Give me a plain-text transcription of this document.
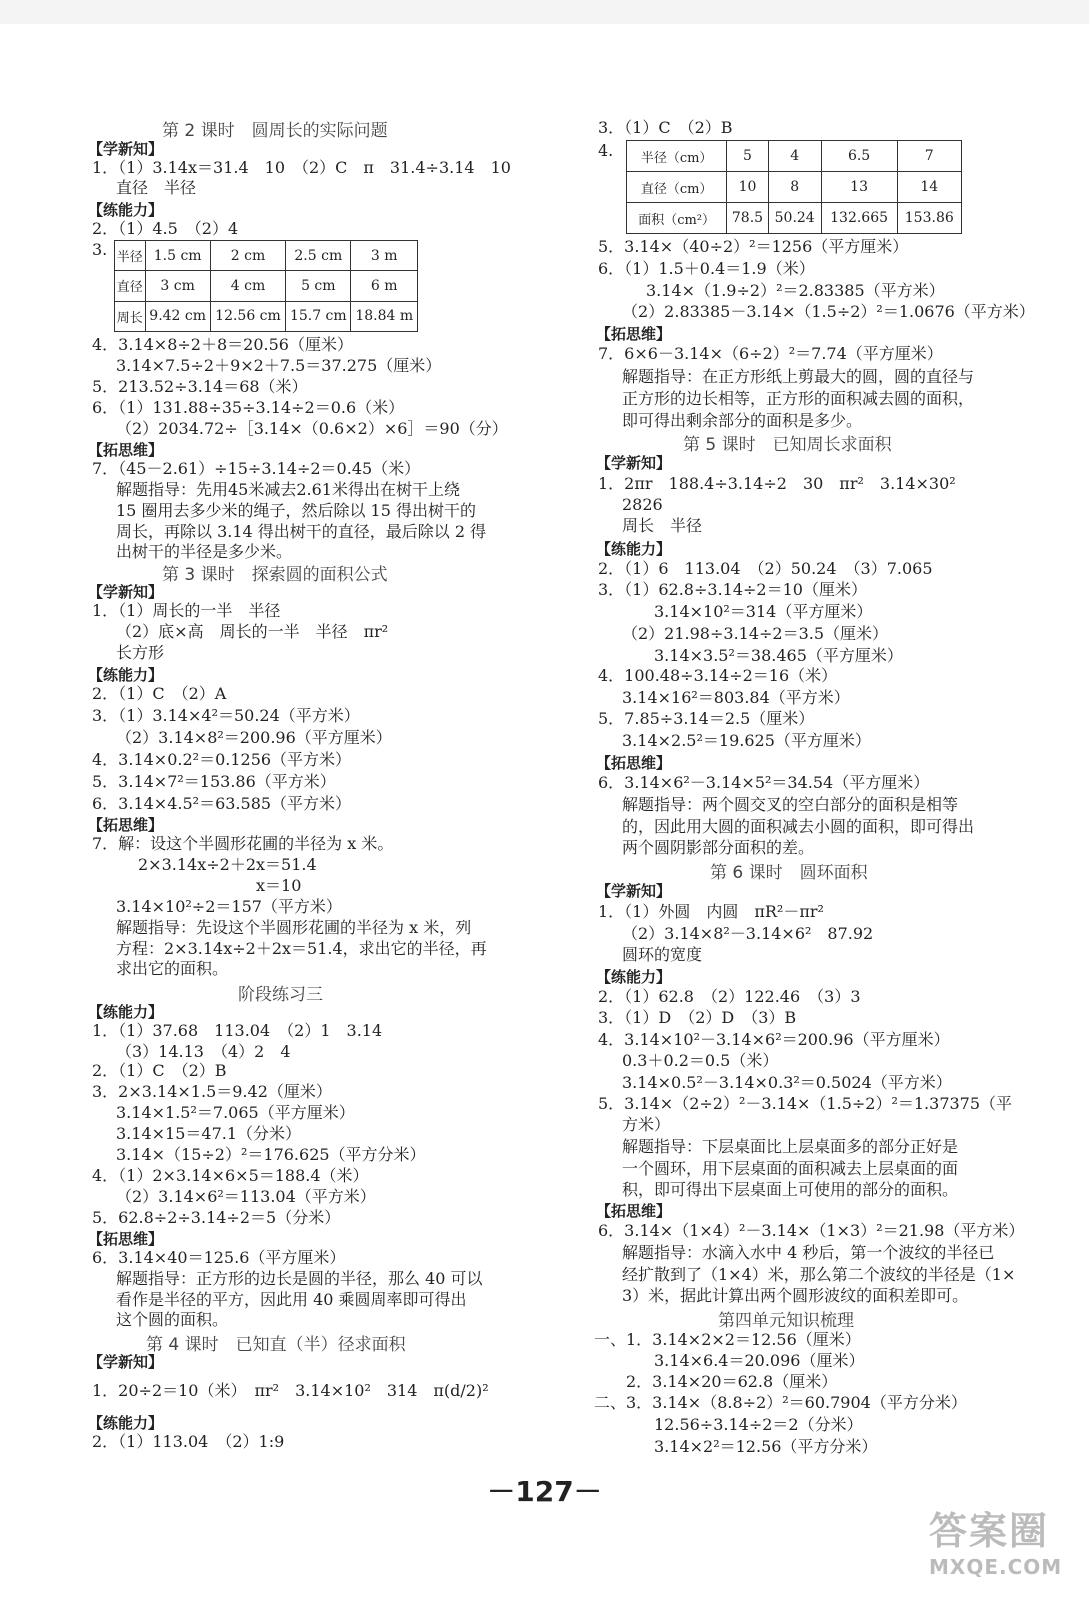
第 2 课时　圆周长的实际问题
【学新知】
1．（1）3.14x＝31.4　10　（2）C　π　31.4÷3.14　10
直径　半径
【练能力】
2．（1）4.5　（2）4
3. 半径	1.5 cm	2 cm	2.5 cm	3 m
直径	3 cm	4 cm	5 cm	6 m
周长	9.42 cm	12.56 cm	15.7 cm	18.84 m
4．3.14×8÷2＋8＝20.56（厘米）
3.14×7.5÷2＋9×2＋7.5＝37.275（厘米）
5．213.52÷3.14＝68（米）
6．（1）131.88÷35÷3.14÷2＝0.6（米）
（2）2034.72÷［3.14×（0.6×2）×6］＝90（分）
【拓思维】
7．（45－2.61）÷15÷3.14÷2＝0.45（米）
解题指导：先用45米减去2.61米得出在树干上绕
15 圈用去多少米的绳子，然后除以 15 得出树干的
周长，再除以 3.14 得出树干的直径，最后除以 2 得
出树干的半径是多少米。
第 3 课时　探索圆的面积公式
【学新知】
1．（1）周长的一半　半径
（2）底×高　周长的一半　半径　πr²
长方形
【练能力】
2．（1）C　（2）A
3．（1）3.14×4²＝50.24（平方米）
（2）3.14×8²＝200.96（平方厘米）
4．3.14×0.2²＝0.1256（平方米）
5．3.14×7²＝153.86（平方米）
6．3.14×4.5²＝63.585（平方米）
【拓思维】
7．解：设这个半圆形花圃的半径为 x 米。
2×3.14x÷2＋2x＝51.4
x＝10
3.14×10²÷2＝157（平方米）
解题指导：先设这个半圆形花圃的半径为 x 米，列
方程：2×3.14x÷2＋2x＝51.4，求出它的半径，再
求出它的面积。
阶段练习三
【练能力】
1．（1）37.68　113.04　（2）1　3.14
（3）14.13　（4）2　4
2．（1）C　（2）B
3．2×3.14×1.5＝9.42（厘米）
3.14×1.5²＝7.065（平方厘米）
3.14×15＝47.1（分米）
3.14×（15÷2）²＝176.625（平方分米）
4．（1）2×3.14×6×5＝188.4（米）
（2）3.14×6²＝113.04（平方米）
5．62.8÷2÷3.14÷2＝5（分米）
【拓思维】
6．3.14×40＝125.6（平方厘米）
解题指导：正方形的边长是圆的半径，那么 40 可以
看作是半径的平方，因此用 40 乘圆周率即可得出
这个圆的面积。
第 4 课时　已知直（半）径求面积
【学新知】
1．20÷2＝10（米）　πr²　3.14×10²　314　π(d/2)²
【练能力】
2．（1）113.04　（2）1:9
3．（1）C　（2）B
4. 半径（cm）	5	4	6.5	7
直径（cm）	10	8	13	14
面积（cm²）	78.5	50.24	132.665	153.86
5．3.14×（40÷2）²＝1256（平方厘米）
6．（1）1.5＋0.4＝1.9（米）
3.14×（1.9÷2）²＝2.83385（平方米）
（2）2.83385－3.14×（1.5÷2）²＝1.0676（平方米）
【拓思维】
7．6×6－3.14×（6÷2）²＝7.74（平方厘米）
解题指导：在正方形纸上剪最大的圆，圆的直径与
正方形的边长相等，正方形的面积减去圆的面积，
即可得出剩余部分的面积是多少。
第 5 课时　已知周长求面积
【学新知】
1．2πr　188.4÷3.14÷2　30　πr²　3.14×30²
2826
周长　半径
【练能力】
2．（1）6　113.04　（2）50.24　（3）7.065
3．（1）62.8÷3.14÷2＝10（厘米）
3.14×10²＝314（平方厘米）
（2）21.98÷3.14÷2＝3.5（厘米）
3.14×3.5²＝38.465（平方厘米）
4．100.48÷3.14÷2＝16（米）
3.14×16²＝803.84（平方米）
5．7.85÷3.14＝2.5（厘米）
3.14×2.5²＝19.625（平方厘米）
【拓思维】
6．3.14×6²－3.14×5²＝34.54（平方厘米）
解题指导：两个圆交叉的空白部分的面积是相等
的，因此用大圆的面积减去小圆的面积，即可得出
两个圆阴影部分面积的差。
第 6 课时　圆环面积
【学新知】
1．（1）外圆　内圆　πR²－πr²
（2）3.14×8²－3.14×6²　87.92
圆环的宽度
【练能力】
2．（1）62.8　（2）122.46　（3）3
3．（1）D　（2）D　（3）B
4．3.14×10²－3.14×6²＝200.96（平方厘米）
0.3＋0.2＝0.5（米）
3.14×0.5²－3.14×0.3²＝0.5024（平方米）
5．3.14×（2÷2）²－3.14×（1.5÷2）²＝1.37375（平
方米）
解题指导：下层桌面比上层桌面多的部分正好是
一个圆环，用下层桌面的面积减去上层桌面的面
积，即可得出下层桌面上可使用的部分的面积。
【拓思维】
6．3.14×（1×4）²－3.14×（1×3）²＝21.98（平方米）
解题指导：水滴入水中 4 秒后，第一个波纹的半径已
经扩散到了（1×4）米，那么第二个波纹的半径是（1×
3）米，据此计算出两个圆形波纹的面积差即可。
第四单元知识梳理
一、1．3.14×2×2＝12.56（厘米）
3.14×6.4＝20.096（厘米）
2．3.14×20＝62.8（厘米）
二、3．3.14×（8.8÷2）²＝60.7904（平方分米）
12.56÷3.14÷2＝2（分米）
3.14×2²＝12.56（平方分米）
－127－
答案圈
MXQE.COM
